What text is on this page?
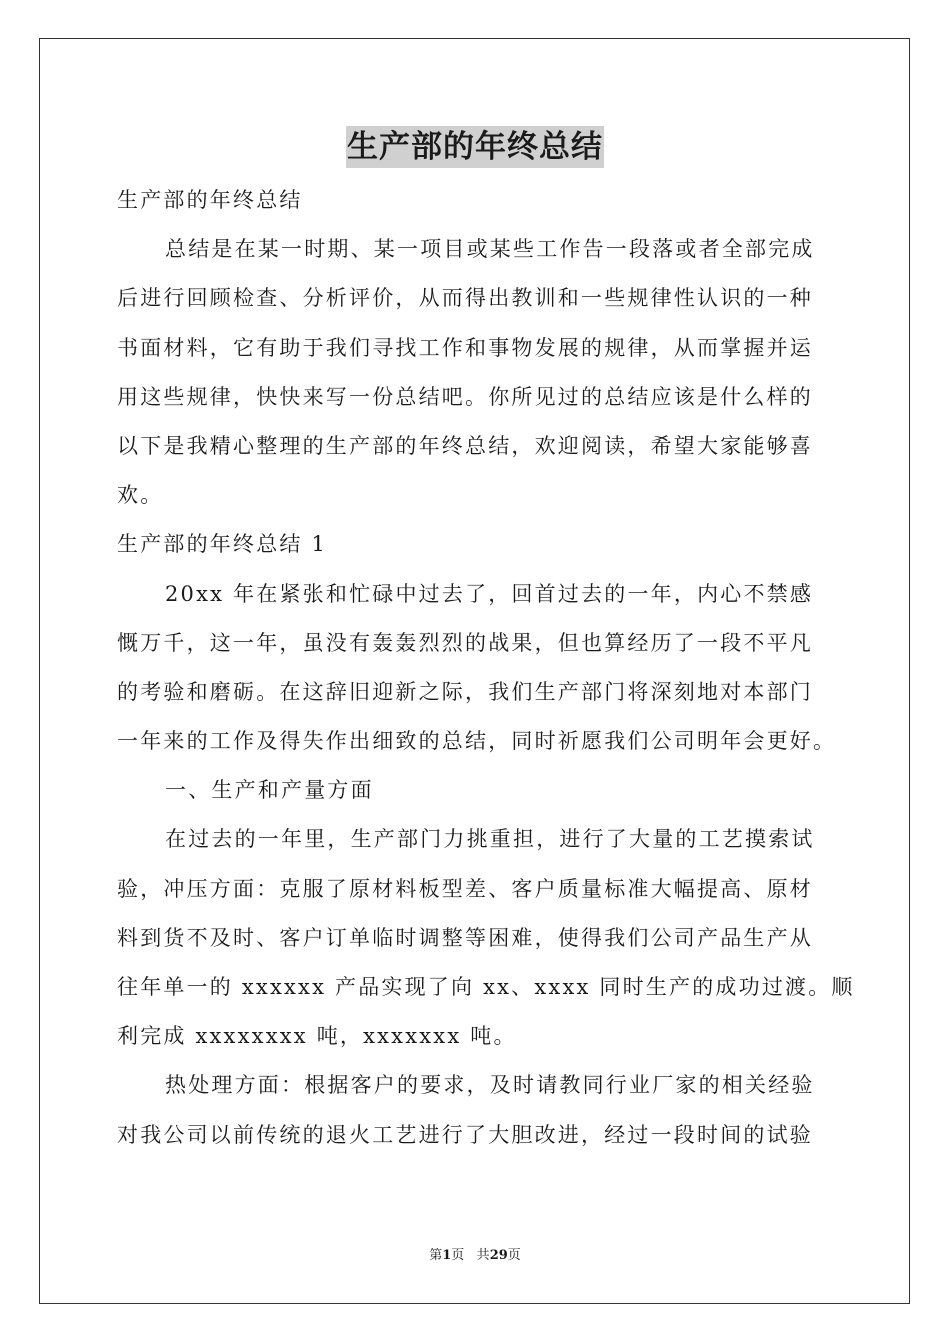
生产部的年终总结

生产部的年终总结

总结是在某一时期、某一项目或某些工作告一段落或者全部完成

后进行回顾检查、分析评价，从而得出教训和一些规律性认识的一种

书面材料，它有助于我们寻找工作和事物发展的规律，从而掌握并运

用这些规律，快快来写一份总结吧。你所见过的总结应该是什么样的

以下是我精心整理的生产部的年终总结，欢迎阅读，希望大家能够喜

欢。

生产部的年终总结 1

20xx 年在紧张和忙碌中过去了，回首过去的一年，内心不禁感

慨万千，这一年，虽没有轰轰烈烈的战果，但也算经历了一段不平凡

的考验和磨砺。在这辞旧迎新之际，我们生产部门将深刻地对本部门

一年来的工作及得失作出细致的总结，同时祈愿我们公司明年会更好。

一、生产和产量方面

在过去的一年里，生产部门力挑重担，进行了大量的工艺摸索试

验，冲压方面：克服了原材料板型差、客户质量标准大幅提高、原材

料到货不及时、客户订单临时调整等困难，使得我们公司产品生产从

往年单一的 xxxxxx 产品实现了向 xx、xxxx 同时生产的成功过渡。顺

利完成 xxxxxxxx 吨，xxxxxxx 吨。

热处理方面：根据客户的要求，及时请教同行业厂家的相关经验

对我公司以前传统的退火工艺进行了大胆改进，经过一段时间的试验

第1页 共29页
